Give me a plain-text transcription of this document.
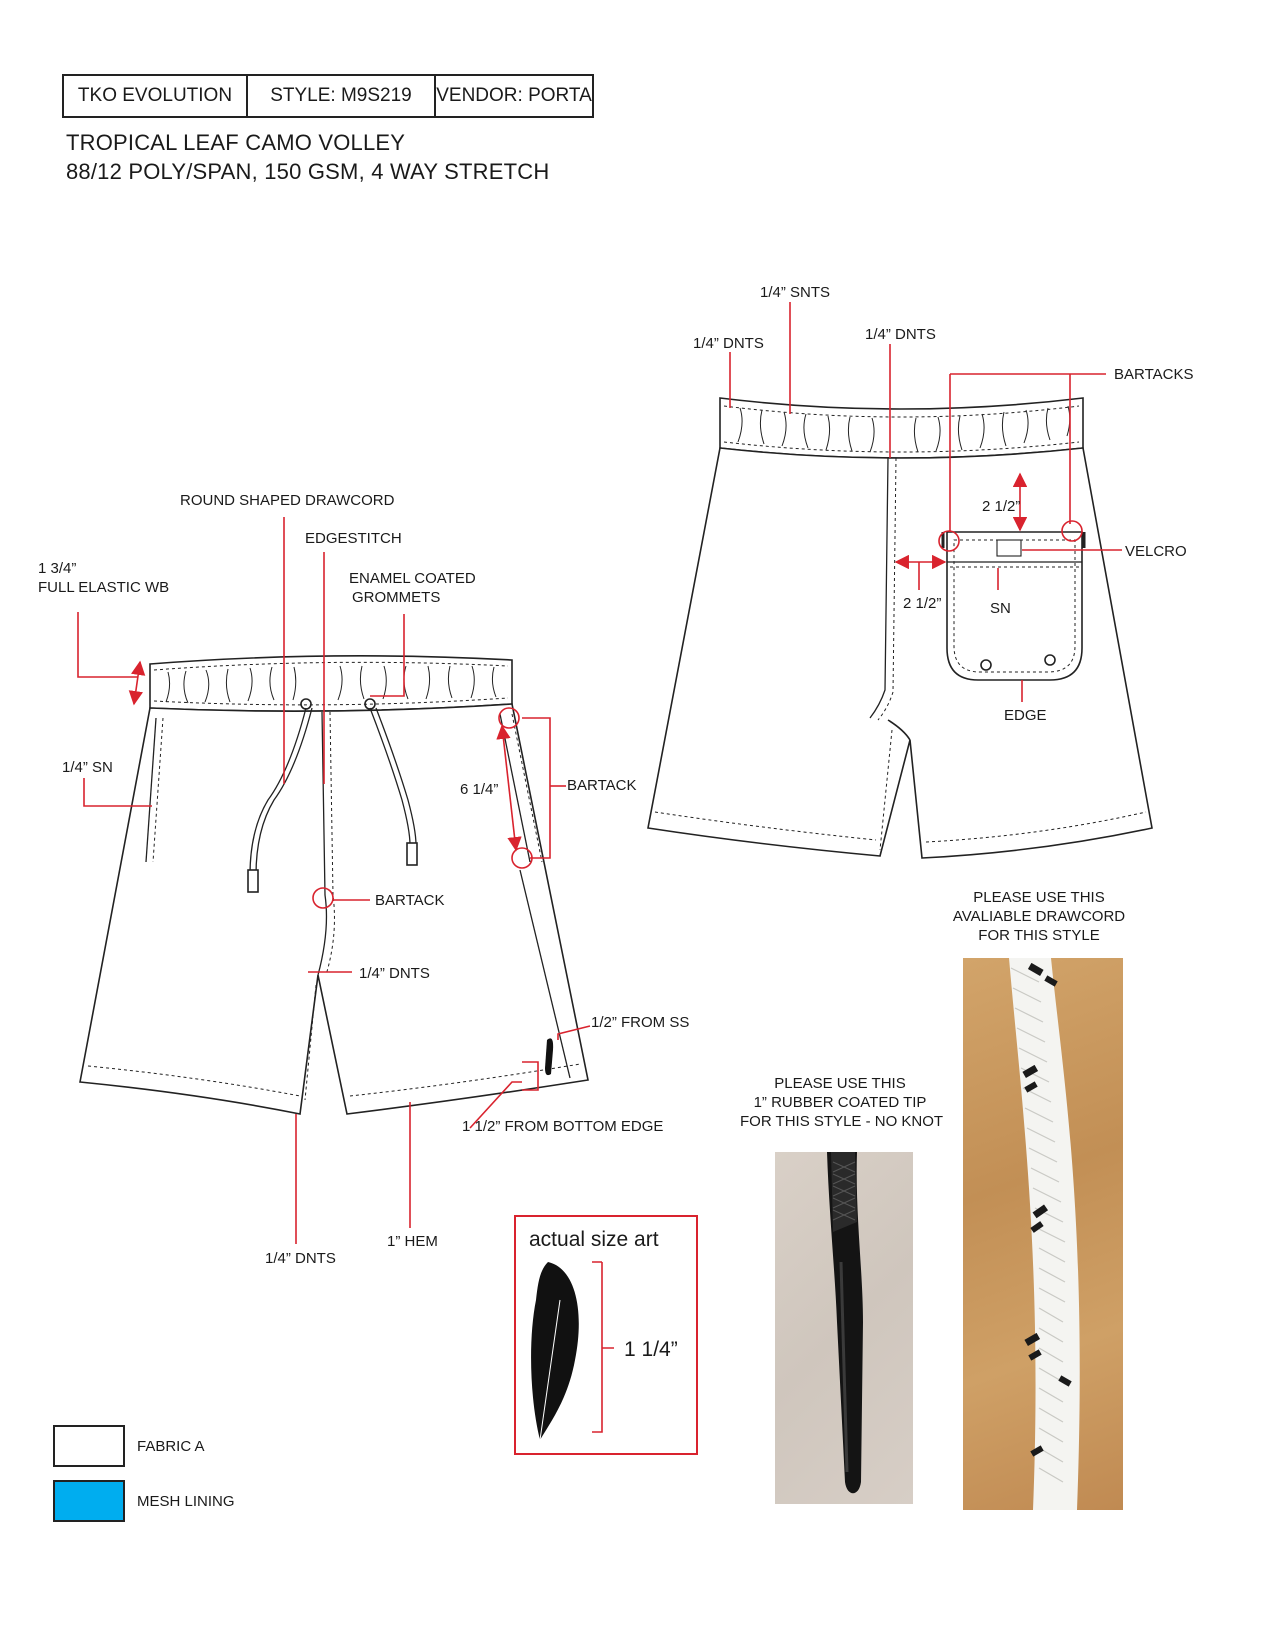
TKO EVOLUTION	STYLE: M9S219	VENDOR: PORTA
TROPICAL LEAF CAMO VOLLEY
88/12 POLY/SPAN, 150 GSM, 4 WAY STRETCH
ROUND SHAPED DRAWCORD
EDGESTITCH
ENAMEL COATED
GROMMETS
1 3/4”
FULL ELASTIC WB
1/4” SN
6 1/4”	BARTACK
BARTACK
1/4” DNTS
1/2” FROM SS
1 1/2” FROM BOTTOM EDGE
1/4” DNTS
1” HEM
1/4” SNTS
1/4” DNTS
1/4” DNTS
BARTACKS
2 1/2”
VELCRO
2 1/2”	SN
EDGE
PLEASE USE THIS
AVALIABLE DRAWCORD
FOR THIS STYLE
PLEASE USE THIS
1” RUBBER COATED TIP
FOR THIS STYLE - NO KNOT
actual size art
1 1/4”
FABRIC A
MESH LINING
